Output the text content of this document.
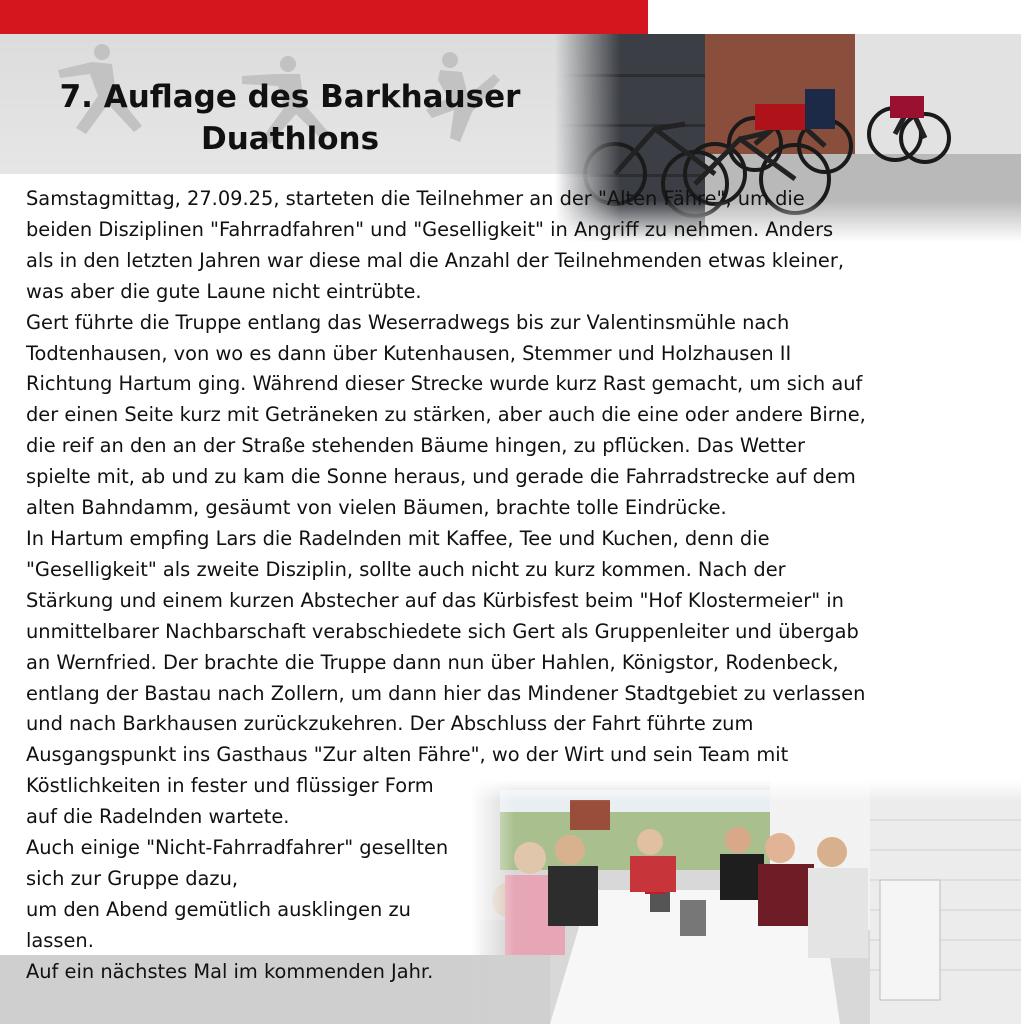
7. Auflage des Barkhauser Duathlons

Samstagmittag, 27.09.25, starteten die Teilnehmer an der "Alten Fähre", um die
beiden Disziplinen "Fahrradfahren" und "Geselligkeit" in Angriff zu nehmen. Anders
als in den letzten Jahren war diese mal die Anzahl der Teilnehmenden etwas kleiner,
was aber die gute Laune nicht eintrübte.

Gert führte die Truppe entlang das Weserradwegs bis zur Valentinsmühle nach
Todtenhausen, von wo es dann über Kutenhausen, Stemmer und Holzhausen II
Richtung Hartum ging. Während dieser Strecke wurde kurz Rast gemacht, um sich auf
der einen Seite kurz mit Geträneken zu stärken, aber auch die eine oder andere Birne,
die reif an den an der Straße stehenden Bäume hingen, zu pflücken. Das Wetter
spielte mit, ab und zu kam die Sonne heraus, und gerade die Fahrradstrecke auf dem
alten Bahndamm, gesäumt von vielen Bäumen, brachte tolle Eindrücke.

In Hartum empfing Lars die Radelnden mit Kaffee, Tee und Kuchen, denn die
"Geselligkeit" als zweite Disziplin, sollte auch nicht zu kurz kommen. Nach der
Stärkung und einem kurzen Abstecher auf das Kürbisfest beim "Hof Klostermeier" in
unmittelbarer Nachbarschaft verabschiedete sich Gert als Gruppenleiter und übergab
an Wernfried. Der brachte die Truppe dann nun über Hahlen, Königstor, Rodenbeck,
entlang der Bastau nach Zollern, um dann hier das Mindener Stadtgebiet zu verlassen
und nach Barkhausen zurückzukehren. Der Abschluss der Fahrt führte zum
Ausgangspunkt ins Gasthaus "Zur alten Fähre", wo der Wirt und sein Team mit
Köstlichkeiten in fester und flüssiger Form
auf die Radelnden wartete.

Auch einige "Nicht-Fahrradfahrer" gesellten
sich zur Gruppe dazu,
um den Abend gemütlich ausklingen zu
lassen.

Auf ein nächstes Mal im kommenden Jahr.
